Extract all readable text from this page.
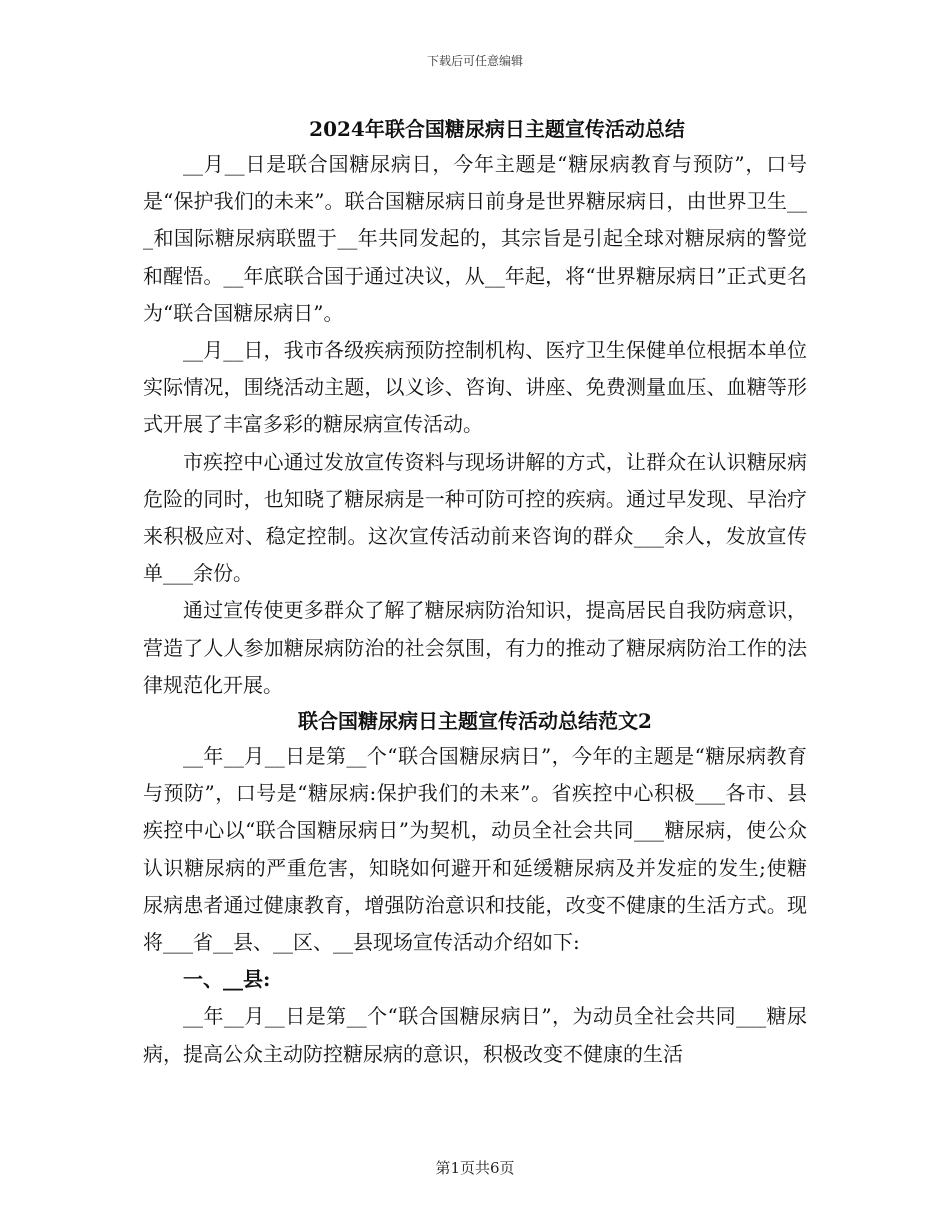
下载后可任意编辑
2024年联合国糖尿病日主题宣传活动总结

__月__日是联合国糖尿病日，今年主题是“糖尿病教育与预防”，口号是“保护我们的未来”。联合国糖尿病日前身是世界糖尿病日，由世界卫生___和国际糖尿病联盟于__年共同发起的，其宗旨是引起全球对糖尿病的警觉和醒悟。__年底联合国于通过决议，从__年起，将“世界糖尿病日”正式更名为“联合国糖尿病日”。

__月__日，我市各级疾病预防控制机构、医疗卫生保健单位根据本单位实际情况，围绕活动主题，以义诊、咨询、讲座、免费测量血压、血糖等形式开展了丰富多彩的糖尿病宣传活动。

市疾控中心通过发放宣传资料与现场讲解的方式，让群众在认识糖尿病危险的同时，也知晓了糖尿病是一种可防可控的疾病。通过早发现、早治疗来积极应对、稳定控制。这次宣传活动前来咨询的群众___余人，发放宣传单___余份。

通过宣传使更多群众了解了糖尿病防治知识，提高居民自我防病意识，营造了人人参加糖尿病防治的社会氛围，有力的推动了糖尿病防治工作的法律规范化开展。

联合国糖尿病日主题宣传活动总结范文2

__年__月__日是第__个“联合国糖尿病日”，今年的主题是“糖尿病教育与预防”，口号是“糖尿病:保护我们的未来”。省疾控中心积极___各市、县疾控中心以“联合国糖尿病日”为契机，动员全社会共同___糖尿病，使公众认识糖尿病的严重危害，知晓如何避开和延缓糖尿病及并发症的发生;使糖尿病患者通过健康教育，增强防治意识和技能，改变不健康的生活方式。现将___省__县、__区、__县现场宣传活动介绍如下:

一、__县:

__年__月__日是第__个“联合国糖尿病日”，为动员全社会共同___糖尿病，提高公众主动防控糖尿病的意识，积极改变不健康的生活

第1页共6页
